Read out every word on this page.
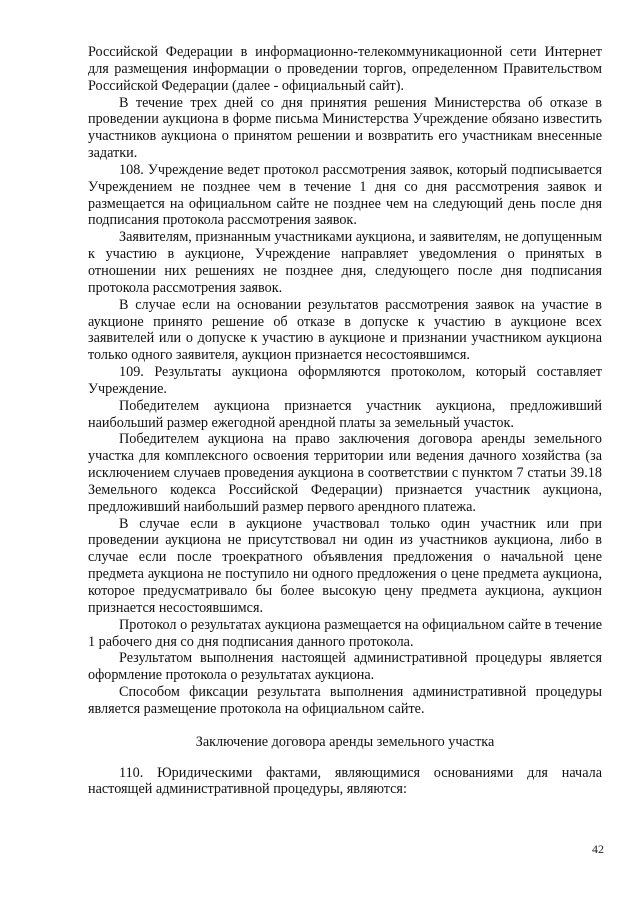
Российской Федерации в информационно-телекоммуникационной сети Интернет для размещения информации о проведении торгов, определенном Правительством Российской Федерации (далее - официальный сайт).

В течение трех дней со дня принятия решения Министерства об отказе в проведении аукциона в форме письма Министерства Учреждение обязано известить участников аукциона о принятом решении и возвратить его участникам внесенные задатки.

108. Учреждение ведет протокол рассмотрения заявок, который подписывается Учреждением не позднее чем в течение 1 дня со дня рассмотрения заявок и размещается на официальном сайте не позднее чем на следующий день после дня подписания протокола рассмотрения заявок.

Заявителям, признанным участниками аукциона, и заявителям, не допущенным к участию в аукционе, Учреждение направляет уведомления о принятых в отношении них решениях не позднее дня, следующего после дня подписания протокола рассмотрения заявок.

В случае если на основании результатов рассмотрения заявок на участие в аукционе принято решение об отказе в допуске к участию в аукционе всех заявителей или о допуске к участию в аукционе и признании участником аукциона только одного заявителя, аукцион признается несостоявшимся.

109. Результаты аукциона оформляются протоколом, который составляет Учреждение.

Победителем аукциона признается участник аукциона, предложивший наибольший размер ежегодной арендной платы за земельный участок.

Победителем аукциона на право заключения договора аренды земельного участка для комплексного освоения территории или ведения дачного хозяйства (за исключением случаев проведения аукциона в соответствии с пунктом 7 статьи 39.18 Земельного кодекса Российской Федерации) признается участник аукциона, предложивший наибольший размер первого арендного платежа.

В случае если в аукционе участвовал только один участник или при проведении аукциона не присутствовал ни один из участников аукциона, либо в случае если после троекратного объявления предложения о начальной цене предмета аукциона не поступило ни одного предложения о цене предмета аукциона, которое предусматривало бы более высокую цену предмета аукциона, аукцион признается несостоявшимся.

Протокол о результатах аукциона размещается на официальном сайте в течение 1 рабочего дня со дня подписания данного протокола.

Результатом выполнения настоящей административной процедуры является оформление протокола о результатах аукциона.

Способом фиксации результата выполнения административной процедуры является размещение протокола на официальном сайте.

Заключение договора аренды земельного участка

110. Юридическими фактами, являющимися основаниями для начала настоящей административной процедуры, являются:

42
